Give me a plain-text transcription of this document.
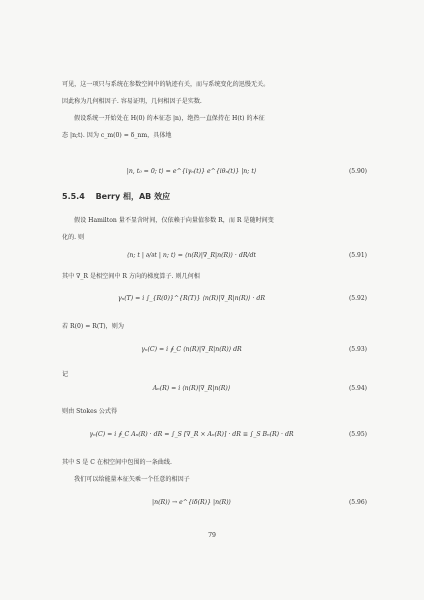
可见，这一项只与系统在参数空间中的轨迹有关，而与系统变化的迅慢无关。
因此称为几何相因子. 容易证明，几何相因子是实数.
假设系统一开始处在 H(0) 的本征态 |n⟩，绝热一直保持在 H(t) 的本征
态 |n;t⟩. 因为 c_m(0) = δ_nm，具体地
|n, t₀ = 0; t⟩ = e^{iγₙ(t)} e^{iθₙ(t)} |n; t⟩	(5.90)
5.5.4 Berry 相，AB 效应
假设 Hamilton 量不显含时间，仅依赖于向量值参数 R，而 R 是随时间变
化的. 则
⟨n; t | ∂/∂t | n; t⟩ = ⟨n(R)|∇_R|n(R)⟩ · dR/dt	(5.91)
其中 ∇_R 是相空间中 R 方向的梯度算子. 则几何相
γₙ(T) = i ∫_{R(0)}^{R(T)} ⟨n(R)|∇_R|n(R)⟩ · dR	(5.92)
若 R(0) = R(T)，则为
γₙ(C) = i ∮_C ⟨n(R)|∇_R|n(R)⟩ dR	(5.93)
记
Aₙ(R) = i ⟨n(R)|∇_R|n(R)⟩	(5.94)
则由 Stokes 公式得
γₙ(C) = i ∮_C Aₙ(R) · dR = ∫_S [∇_R × Aₙ(R)] · dR ≡ ∫_S Bₙ(R) · dR	(5.95)
其中 S 是 C 在相空间中包围的一条曲线.
我们可以给能量本征矢乘一个任意的相因子
|n(R)⟩ → e^{iδ(R)} |n(R)⟩	(5.96)
79
